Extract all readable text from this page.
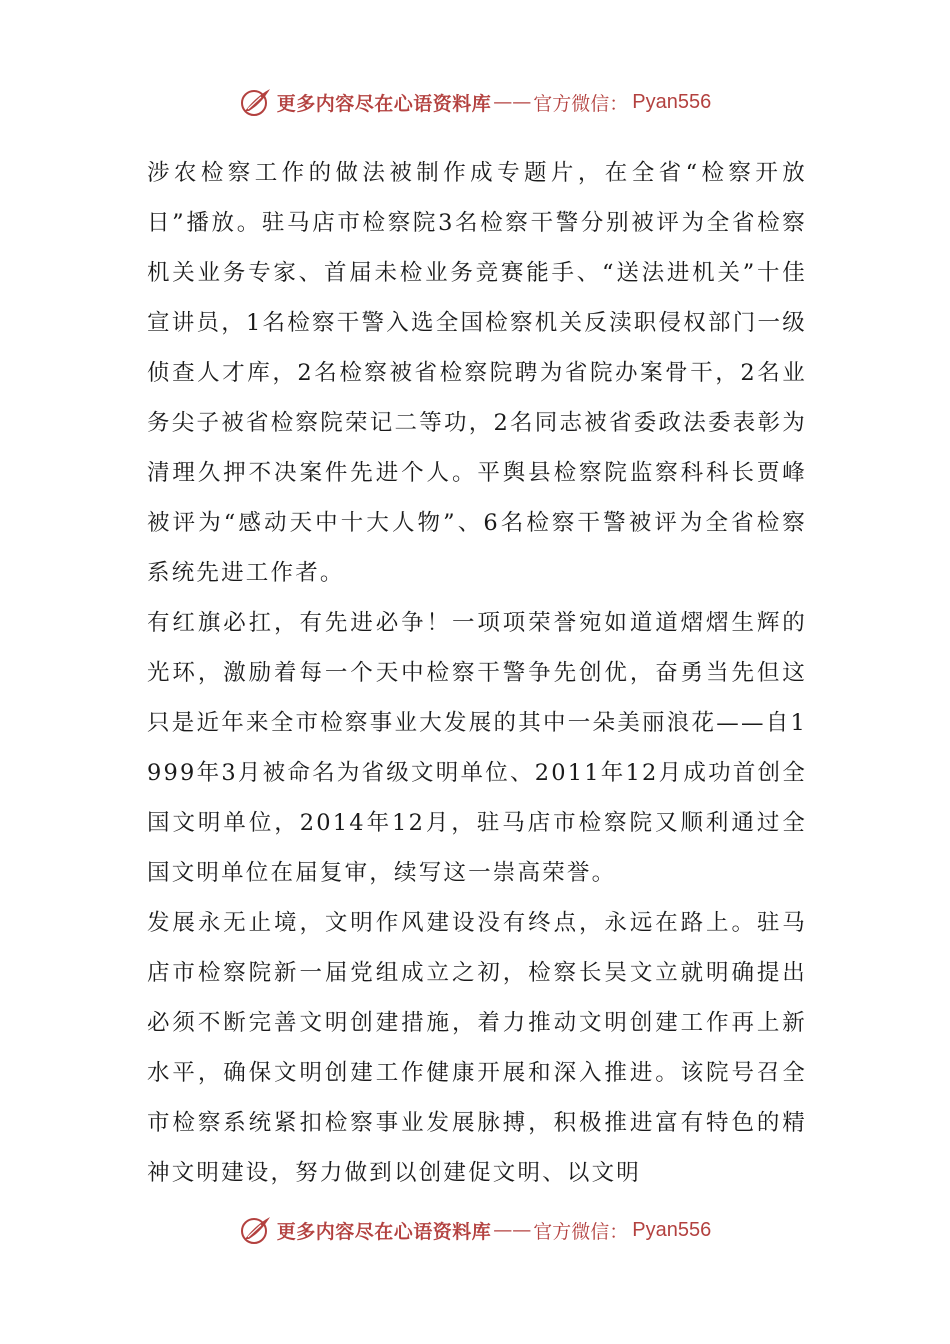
更多内容尽在心语资料库 —— 官方微信： Pyan556

涉农检察工作的做法被制作成专题片，在全省“检察开放日”播放。驻马店市检察院3名检察干警分别被评为全省检察机关业务专家、首届未检业务竞赛能手、“送法进机关”十佳宣讲员，1名检察干警入选全国检察机关反渎职侵权部门一级侦查人才库，2名检察被省检察院聘为省院办案骨干，2名业务尖子被省检察院荣记二等功，2名同志被省委政法委表彰为清理久押不决案件先进个人。平舆县检察院监察科科长贾峰被评为“感动天中十大人物”、6名检察干警被评为全省检察系统先进工作者。

有红旗必扛，有先进必争！一项项荣誉宛如道道熠熠生辉的光环，激励着每一个天中检察干警争先创优，奋勇当先但这只是近年来全市检察事业大发展的其中一朵美丽浪花——自1999年3月被命名为省级文明单位、2011年12月成功首创全国文明单位，2014年12月，驻马店市检察院又顺利通过全国文明单位在届复审，续写这一崇高荣誉。

发展永无止境，文明作风建设没有终点，永远在路上。驻马店市检察院新一届党组成立之初，检察长吴文立就明确提出必须不断完善文明创建措施，着力推动文明创建工作再上新水平，确保文明创建工作健康开展和深入推进。该院号召全市检察系统紧扣检察事业发展脉搏，积极推进富有特色的精神文明建设，努力做到以创建促文明、以文明

更多内容尽在心语资料库 —— 官方微信： Pyan556
